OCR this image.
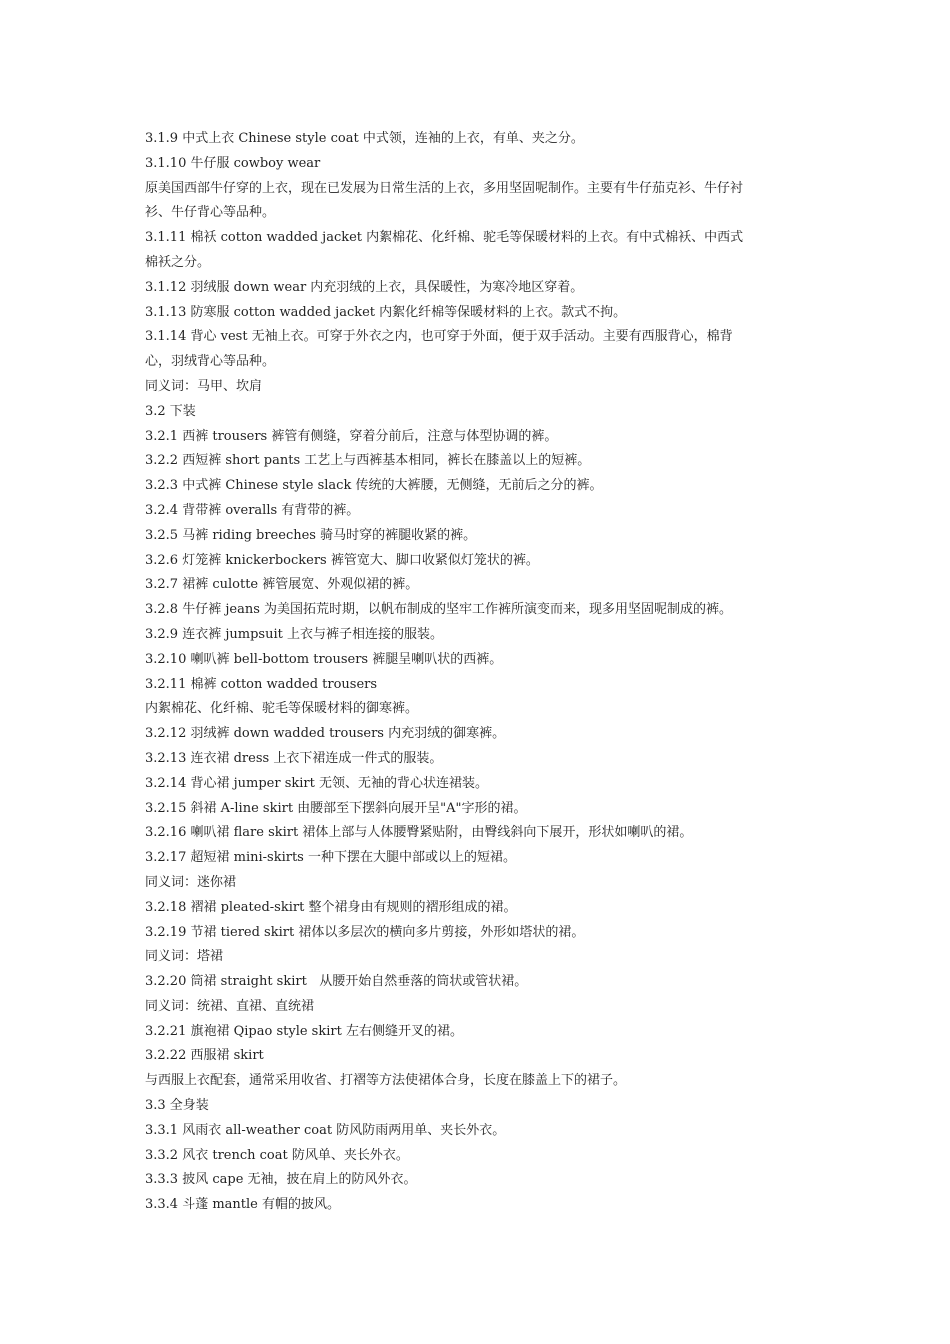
3.1.9 中式上衣 Chinese style coat 中式领，连袖的上衣，有单、夹之分。

3.1.10 牛仔服 cowboy wear

原美国西部牛仔穿的上衣，现在已发展为日常生活的上衣，多用坚固呢制作。主要有牛仔茄克衫、牛仔衬

衫、牛仔背心等品种。

3.1.11 棉袄 cotton wadded jacket 内絮棉花、化纤棉、驼毛等保暖材料的上衣。有中式棉袄、中西式

棉袄之分。

3.1.12 羽绒服 down wear 内充羽绒的上衣，具保暖性，为寒冷地区穿着。

3.1.13 防寒服 cotton wadded jacket 内絮化纤棉等保暖材料的上衣。款式不拘。

3.1.14 背心 vest 无袖上衣。可穿于外衣之内，也可穿于外面，便于双手活动。主要有西服背心，棉背

心，羽绒背心等品种。

同义词：马甲、坎肩

3.2 下装

3.2.1 西裤 trousers 裤管有侧缝，穿着分前后，注意与体型协调的裤。

3.2.2 西短裤 short pants 工艺上与西裤基本相同，裤长在膝盖以上的短裤。

3.2.3 中式裤 Chinese style slack 传统的大裤腰，无侧缝，无前后之分的裤。

3.2.4 背带裤 overalls 有背带的裤。

3.2.5 马裤 riding breeches 骑马时穿的裤腿收紧的裤。

3.2.6 灯笼裤 knickerbockers 裤管宽大、脚口收紧似灯笼状的裤。

3.2.7 裙裤 culotte 裤管展宽、外观似裙的裤。

3.2.8 牛仔裤 jeans 为美国拓荒时期，以帆布制成的坚牢工作裤所演变而来，现多用坚固呢制成的裤。

3.2.9 连衣裤 jumpsuit 上衣与裤子相连接的服装。

3.2.10 喇叭裤 bell-bottom trousers 裤腿呈喇叭状的西裤。

3.2.11 棉裤 cotton wadded trousers

内絮棉花、化纤棉、驼毛等保暖材料的御寒裤。

3.2.12 羽绒裤 down wadded trousers 内充羽绒的御寒裤。

3.2.13 连衣裙 dress 上衣下裙连成一件式的服装。

3.2.14 背心裙 jumper skirt 无领、无袖的背心状连裙装。

3.2.15 斜裙 A-line skirt 由腰部至下摆斜向展开呈"A"字形的裙。

3.2.16 喇叭裙 flare skirt 裙体上部与人体腰臀紧贴附，由臀线斜向下展开，形状如喇叭的裙。

3.2.17 超短裙 mini-skirts 一种下摆在大腿中部或以上的短裙。

同义词：迷你裙

3.2.18 褶裙 pleated-skirt 整个裙身由有规则的褶形组成的裙。

3.2.19 节裙 tiered skirt 裙体以多层次的横向多片剪接，外形如塔状的裙。

同义词：塔裙

3.2.20 筒裙 straight skirt   从腰开始自然垂落的筒状或管状裙。

同义词：统裙、直裙、直统裙

3.2.21 旗袍裙 Qipao style skirt 左右侧缝开叉的裙。

3.2.22 西服裙 skirt

与西服上衣配套，通常采用收省、打褶等方法使裙体合身，长度在膝盖上下的裙子。

3.3 全身装

3.3.1 风雨衣 all-weather coat 防风防雨两用单、夹长外衣。

3.3.2 风衣 trench coat 防风单、夹长外衣。

3.3.3 披风 cape 无袖，披在肩上的防风外衣。

3.3.4 斗蓬 mantle 有帽的披风。
